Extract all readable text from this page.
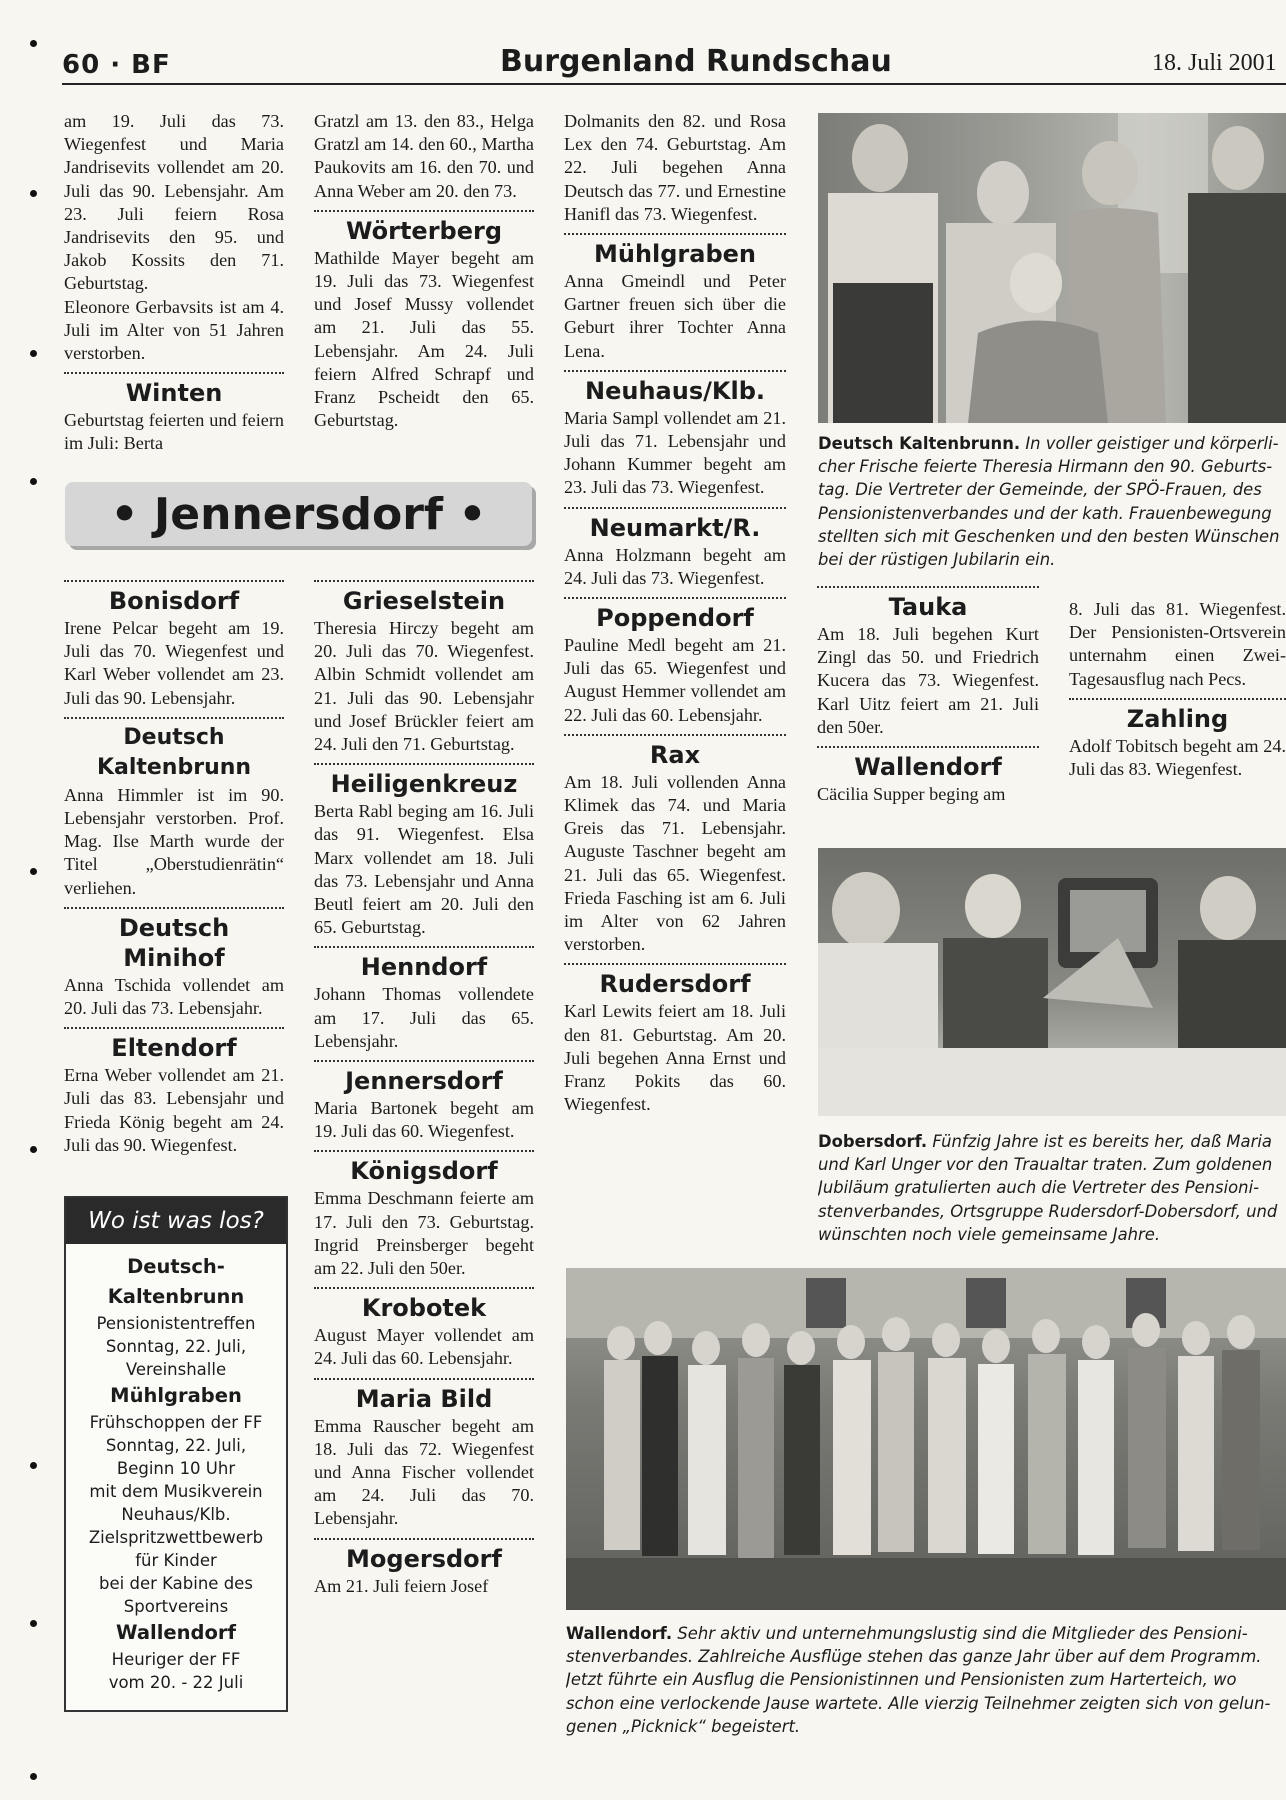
60 · BF	Burgenland Rundschau	18. Juli 2001

am 19. Juli das 73. Wiegenfest und Maria Jandrisevits vollendet am 20. Juli das 90. Lebensjahr. Am 23. Juli feiern Rosa Jandrisevits den 95. und Jakob Kossits den 71. Geburtstag.

Eleonore Gerbavsits ist am 4. Juli im Alter von 51 Jahren verstorben.

Winten

Geburtstag feierten und feiern im Juli: Berta

Gratzl am 13. den 83., Helga Gratzl am 14. den 60., Martha Paukovits am 16. den 70. und Anna Weber am 20. den 73.

Wörterberg

Mathilde Mayer begeht am 19. Juli das 73. Wiegenfest und Josef Mussy vollendet am 21. Juli das 55. Lebensjahr. Am 24. Juli feiern Alfred Schrapf und Franz Pscheidt den 65. Geburtstag.

• Jennersdorf •
Bonisdorf

Irene Pelcar begeht am 19. Juli das 70. Wiegenfest und Karl Weber vollendet am 23. Juli das 90. Lebensjahr.

Deutsch Kaltenbrunn

Anna Himmler ist im 90. Lebensjahr verstorben. Prof. Mag. Ilse Marth wurde der Titel „Oberstudienrätin“ verliehen.

Deutsch Minihof

Anna Tschida vollendet am 20. Juli das 73. Lebensjahr.

Eltendorf

Erna Weber vollendet am 21. Juli das 83. Lebensjahr und Frieda König begeht am 24. Juli das 90. Wiegenfest.

Wo ist was los?
Deutsch-Kaltenbrunn
Pensionistentreffen
Sonntag, 22. Juli,
Vereinshalle
Mühlgraben
Frühschoppen der FF
Sonntag, 22. Juli,
Beginn 10 Uhr
mit dem Musikverein
Neuhaus/Klb.
Zielspritzwettbewerb
für Kinder
bei der Kabine des
Sportvereins
Wallendorf
Heuriger der FF
vom 20. - 22 Juli
Grieselstein

Theresia Hirczy begeht am 20. Juli das 70. Wiegenfest. Albin Schmidt vollendet am 21. Juli das 90. Lebensjahr und Josef Brückler feiert am 24. Juli den 71. Geburtstag.

Heiligenkreuz

Berta Rabl beging am 16. Juli das 91. Wiegenfest. Elsa Marx vollendet am 18. Juli das 73. Lebensjahr und Anna Beutl feiert am 20. Juli den 65. Geburtstag.

Henndorf

Johann Thomas vollendete am 17. Juli das 65. Lebensjahr.

Jennersdorf

Maria Bartonek begeht am 19. Juli das 60. Wiegenfest.

Königsdorf

Emma Deschmann feierte am 17. Juli den 73. Geburtstag. Ingrid Preinsberger begeht am 22. Juli den 50er.

Krobotek

August Mayer vollendet am 24. Juli das 60. Lebensjahr.

Maria Bild

Emma Rauscher begeht am 18. Juli das 72. Wiegenfest und Anna Fischer vollendet am 24. Juli das 70. Lebensjahr.

Mogersdorf

Am 21. Juli feiern Josef

Dolmanits den 82. und Rosa Lex den 74. Geburtstag. Am 22. Juli begehen Anna Deutsch das 77. und Ernestine Hanifl das 73. Wiegenfest.

Mühlgraben

Anna Gmeindl und Peter Gartner freuen sich über die Geburt ihrer Tochter Anna Lena.

Neuhaus/Klb.

Maria Sampl vollendet am 21. Juli das 71. Lebensjahr und Johann Kummer begeht am 23. Juli das 73. Wiegenfest.

Neumarkt/R.

Anna Holzmann begeht am 24. Juli das 73. Wiegenfest.

Poppendorf

Pauline Medl begeht am 21. Juli das 65. Wiegenfest und August Hemmer vollendet am 22. Juli das 60. Lebensjahr.

Rax

Am 18. Juli vollenden Anna Klimek das 74. und Maria Greis das 71. Lebensjahr. Auguste Taschner begeht am 21. Juli das 65. Wiegenfest. Frieda Fasching ist am 6. Juli im Alter von 62 Jahren verstorben.

Rudersdorf

Karl Lewits feiert am 18. Juli den 81. Geburtstag. Am 20. Juli begehen Anna Ernst und Franz Pokits das 60. Wiegenfest.

Deutsch Kaltenbrunn. In voller geistiger und körperli-
cher Frische feierte Theresia Hirmann den 90. Geburts-
tag. Die Vertreter der Gemeinde, der SPÖ-Frauen, des
Pensionistenverbandes und der kath. Frauenbewegung
stellten sich mit Geschenken und den besten Wünschen
bei der rüstigen Jubilarin ein.
Tauka

Am 18. Juli begehen Kurt Zingl das 50. und Friedrich Kucera das 73. Wiegenfest. Karl Uitz feiert am 21. Juli den 50er.

Wallendorf

Cäcilia Supper beging am

8. Juli das 81. Wiegenfest. Der Pensionisten-Ortsverein unternahm einen Zwei-Tagesausflug nach Pecs.

Zahling

Adolf Tobitsch begeht am 24. Juli das 83. Wiegenfest.

Dobersdorf. Fünfzig Jahre ist es bereits her, daß Maria
und Karl Unger vor den Traualtar traten. Zum goldenen
Jubiläum gratulierten auch die Vertreter des Pensioni-
stenverbandes, Ortsgruppe Rudersdorf-Dobersdorf, und
wünschten noch viele gemeinsame Jahre.
Wallendorf. Sehr aktiv und unternehmungslustig sind die Mitglieder des Pensioni-
stenverbandes. Zahlreiche Ausflüge stehen das ganze Jahr über auf dem Programm.
Jetzt führte ein Ausflug die Pensionistinnen und Pensionisten zum Harterteich, wo
schon eine verlockende Jause wartete. Alle vierzig Teilnehmer zeigten sich von gelun-
genen „Picknick“ begeistert.
